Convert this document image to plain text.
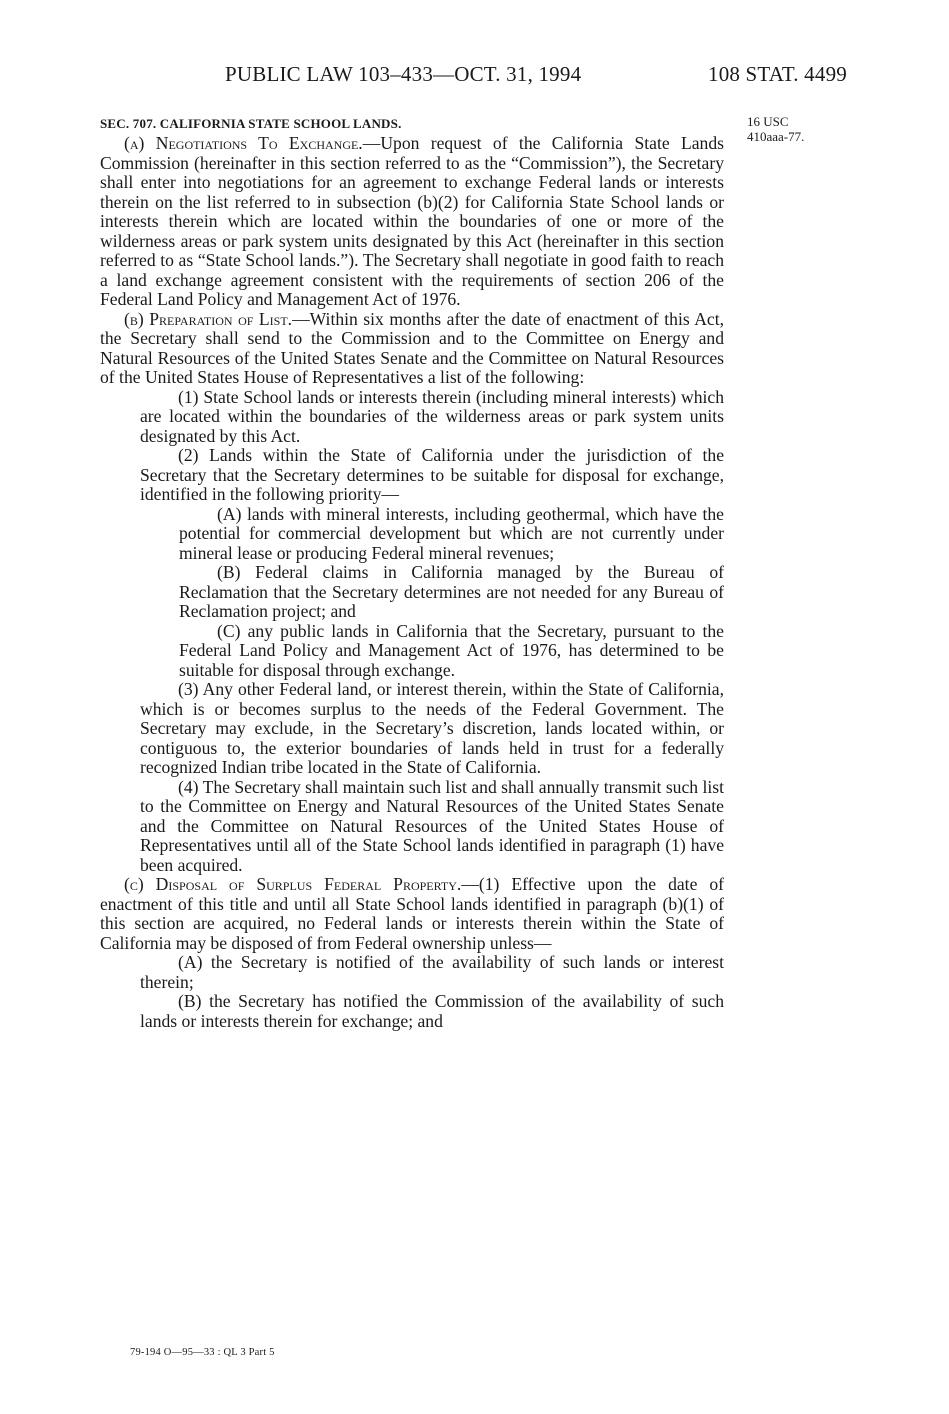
PUBLIC LAW 103–433—OCT. 31, 1994	108 STAT. 4499
SEC. 707. CALIFORNIA STATE SCHOOL LANDS.	16 USC
410aaa-77.

(a) Negotiations To Exchange.—Upon request of the California State Lands Commission (hereinafter in this section referred to as the “Commission”), the Secretary shall enter into negotiations for an agreement to exchange Federal lands or interests therein on the list referred to in subsection (b)(2) for California State School lands or interests therein which are located within the boundaries of one or more of the wilderness areas or park system units designated by this Act (hereinafter in this section referred to as “State School lands.”). The Secretary shall negotiate in good faith to reach a land exchange agreement consistent with the requirements of section 206 of the Federal Land Policy and Management Act of 1976.

(b) Preparation of List.—Within six months after the date of enactment of this Act, the Secretary shall send to the Commission and to the Committee on Energy and Natural Resources of the United States Senate and the Committee on Natural Resources of the United States House of Representatives a list of the following:

(1) State School lands or interests therein (including mineral interests) which are located within the boundaries of the wilderness areas or park system units designated by this Act.

(2) Lands within the State of California under the jurisdiction of the Secretary that the Secretary determines to be suitable for disposal for exchange, identified in the following priority—

(A) lands with mineral interests, including geothermal, which have the potential for commercial development but which are not currently under mineral lease or producing Federal mineral revenues;

(B) Federal claims in California managed by the Bureau of Reclamation that the Secretary determines are not needed for any Bureau of Reclamation project; and

(C) any public lands in California that the Secretary, pursuant to the Federal Land Policy and Management Act of 1976, has determined to be suitable for disposal through exchange.

(3) Any other Federal land, or interest therein, within the State of California, which is or becomes surplus to the needs of the Federal Government. The Secretary may exclude, in the Secretary’s discretion, lands located within, or contiguous to, the exterior boundaries of lands held in trust for a federally recognized Indian tribe located in the State of California.

(4) The Secretary shall maintain such list and shall annually transmit such list to the Committee on Energy and Natural Resources of the United States Senate and the Committee on Natural Resources of the United States House of Representatives until all of the State School lands identified in paragraph (1) have been acquired.

(c) Disposal of Surplus Federal Property.—(1) Effective upon the date of enactment of this title and until all State School lands identified in paragraph (b)(1) of this section are acquired, no Federal lands or interests therein within the State of California may be disposed of from Federal ownership unless—

(A) the Secretary is notified of the availability of such lands or interest therein;

(B) the Secretary has notified the Commission of the availability of such lands or interests therein for exchange; and

79-194 O—95—33 : QL 3 Part 5
